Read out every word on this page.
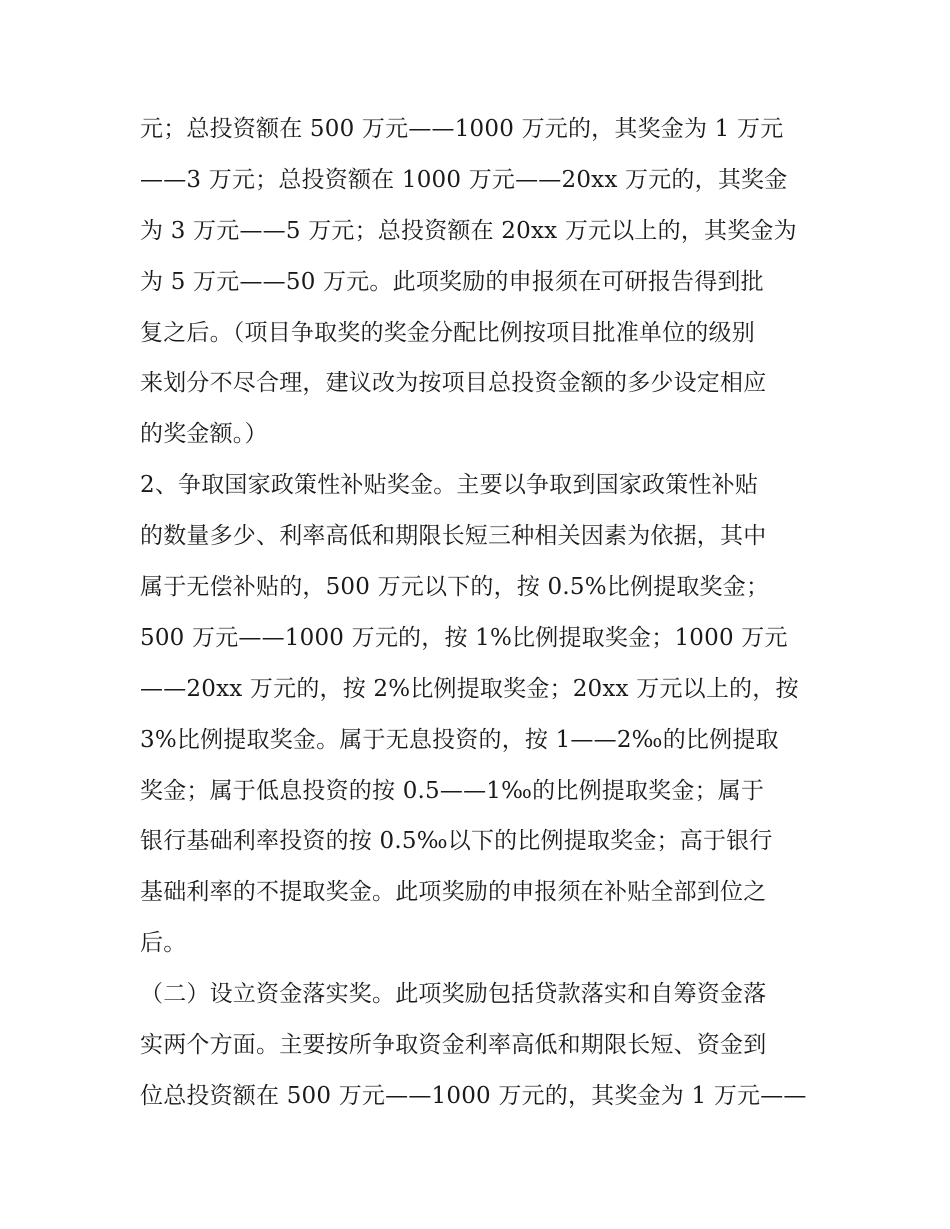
元；总投资额在 500 万元——1000 万元的，其奖金为 1 万元
——3 万元；总投资额在 1000 万元——20xx 万元的，其奖金
为 3 万元——5 万元；总投资额在 20xx 万元以上的，其奖金为
为 5 万元——50 万元。此项奖励的申报须在可研报告得到批
复之后。（项目争取奖的奖金分配比例按项目批准单位的级别
来划分不尽合理，建议改为按项目总投资金额的多少设定相应
的奖金额。）
2、争取国家政策性补贴奖金。主要以争取到国家政策性补贴
的数量多少、利率高低和期限长短三种相关因素为依据，其中
属于无偿补贴的，500 万元以下的，按 0.5%比例提取奖金；
500 万元——1000 万元的，按 1%比例提取奖金；1000 万元
——20xx 万元的，按 2%比例提取奖金；20xx 万元以上的，按
3%比例提取奖金。属于无息投资的，按 1——2‰的比例提取
奖金；属于低息投资的按 0.5——1‰的比例提取奖金；属于
银行基础利率投资的按 0.5‰以下的比例提取奖金；高于银行
基础利率的不提取奖金。此项奖励的申报须在补贴全部到位之
后。
（二）设立资金落实奖。此项奖励包括贷款落实和自筹资金落
实两个方面。主要按所争取资金利率高低和期限长短、资金到
位总投资额在 500 万元——1000 万元的，其奖金为 1 万元——
